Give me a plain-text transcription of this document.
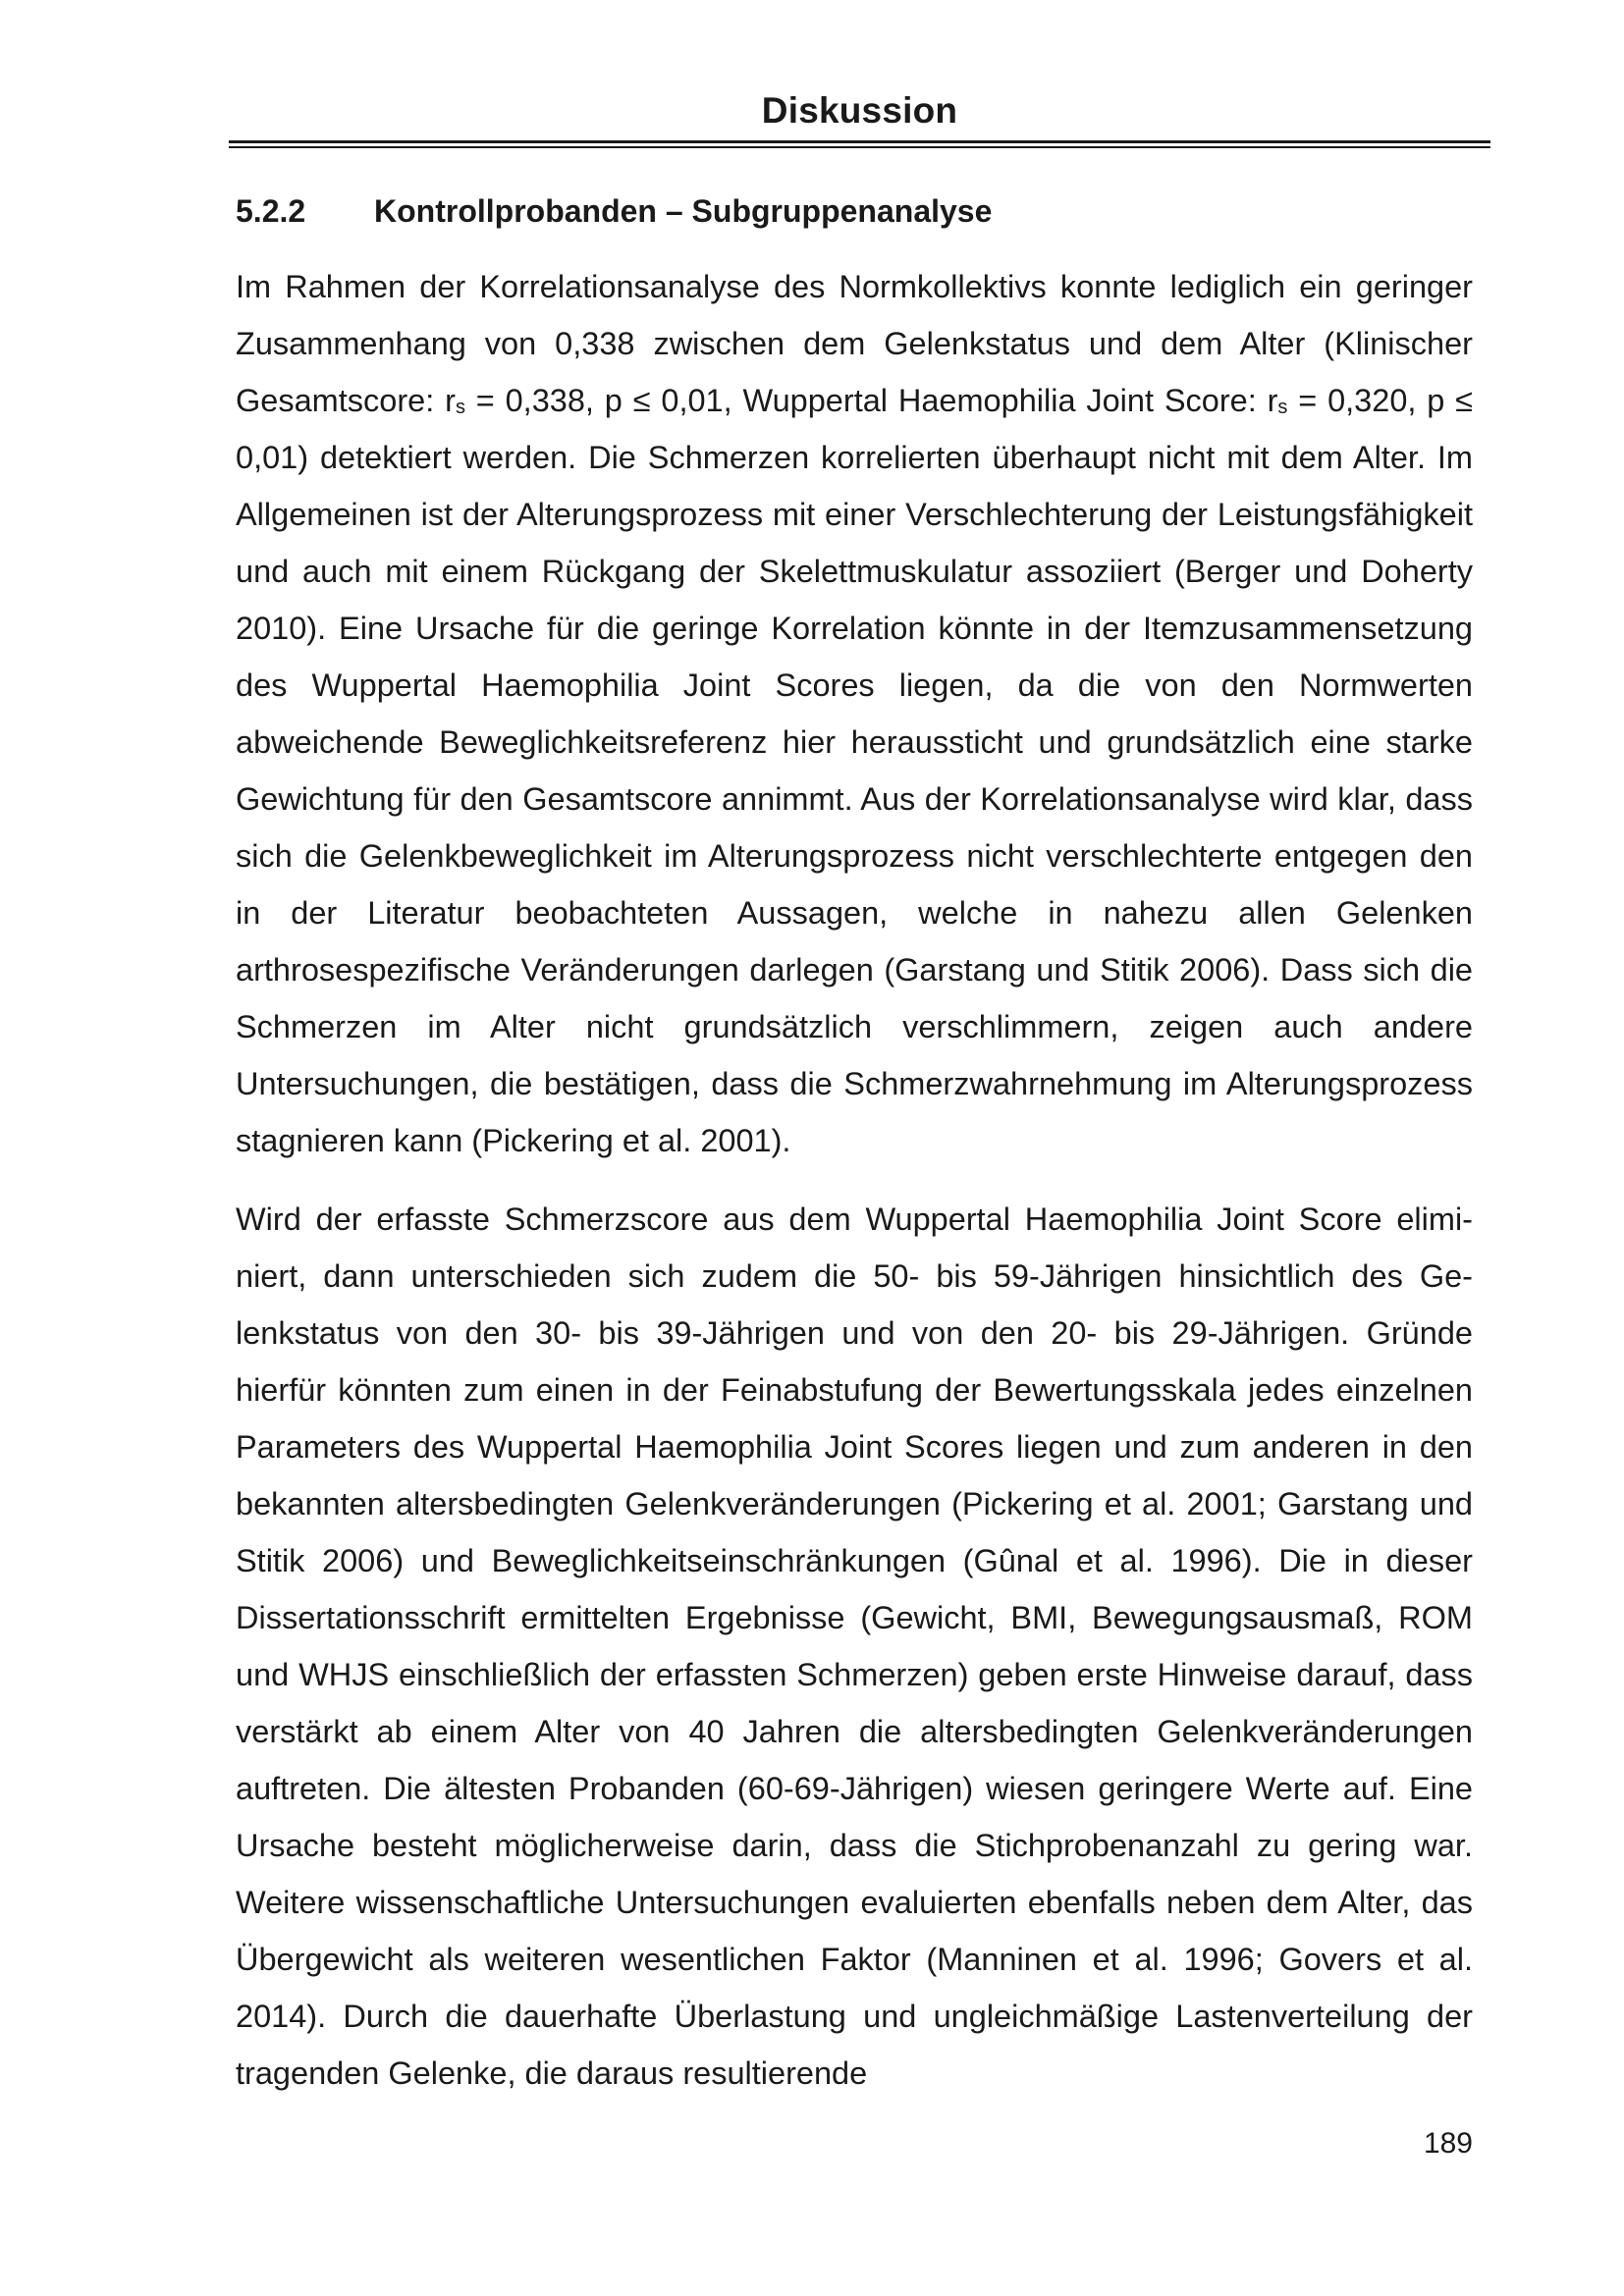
Diskussion
5.2.2 Kontrollprobanden – Subgruppenanalyse
Im Rahmen der Korrelationsanalyse des Normkollektivs konnte lediglich ein geringer Zusammenhang von 0,338 zwischen dem Gelenkstatus und dem Alter (Klinischer Gesamtscore: rs = 0,338, p ≤ 0,01, Wuppertal Haemophilia Joint Score: rs = 0,320, p ≤ 0,01) detektiert werden. Die Schmerzen korrelierten überhaupt nicht mit dem Alter. Im Allgemeinen ist der Alterungsprozess mit einer Verschlechterung der Leistungsfähigkeit und auch mit einem Rückgang der Skelettmuskulatur assoziiert (Berger und Doherty 2010). Eine Ursache für die geringe Korrelation könnte in der Itemzusammensetzung des Wuppertal Haemophilia Joint Scores liegen, da die von den Normwerten abweichende Beweglichkeitsreferenz hier heraussticht und grundsätzlich eine starke Gewichtung für den Gesamtscore annimmt. Aus der Korrelationsanalyse wird klar, dass sich die Gelenkbeweglichkeit im Alterungsprozess nicht verschlechterte entgegen den in der Literatur beobachteten Aussagen, welche in nahezu allen Gelenken arthrosespezifische Veränderungen darlegen (Garstang und Stitik 2006). Dass sich die Schmerzen im Alter nicht grundsätzlich verschlimmern, zeigen auch andere Untersuchungen, die bestätigen, dass die Schmerzwahrnehmung im Alterungsprozess stagnieren kann (Pickering et al. 2001).
Wird der erfasste Schmerzscore aus dem Wuppertal Haemophilia Joint Score eliminiert, dann unterschieden sich zudem die 50- bis 59-Jährigen hinsichtlich des Gelenkstatus von den 30- bis 39-Jährigen und von den 20- bis 29-Jährigen. Gründe hierfür könnten zum einen in der Feinabstufung der Bewertungsskala jedes einzelnen Parameters des Wuppertal Haemophilia Joint Scores liegen und zum anderen in den bekannten altersbedingten Gelenkveränderungen (Pickering et al. 2001; Garstang und Stitik 2006) und Beweglichkeitseinschränkungen (Gûnal et al. 1996). Die in dieser Dissertationsschrift ermittelten Ergebnisse (Gewicht, BMI, Bewegungsausmaß, ROM und WHJS einschließlich der erfassten Schmerzen) geben erste Hinweise darauf, dass verstärkt ab einem Alter von 40 Jahren die altersbedingten Gelenkveränderungen auftreten. Die ältesten Probanden (60-69-Jährigen) wiesen geringere Werte auf. Eine Ursache besteht möglicherweise darin, dass die Stichprobenanzahl zu gering war. Weitere wissenschaftliche Untersuchungen evaluierten ebenfalls neben dem Alter, das Übergewicht als weiteren wesentlichen Faktor (Manninen et al. 1996; Govers et al. 2014). Durch die dauerhafte Überlastung und ungleichmäßige Lastenverteilung der tragenden Gelenke, die daraus resultierende
189
